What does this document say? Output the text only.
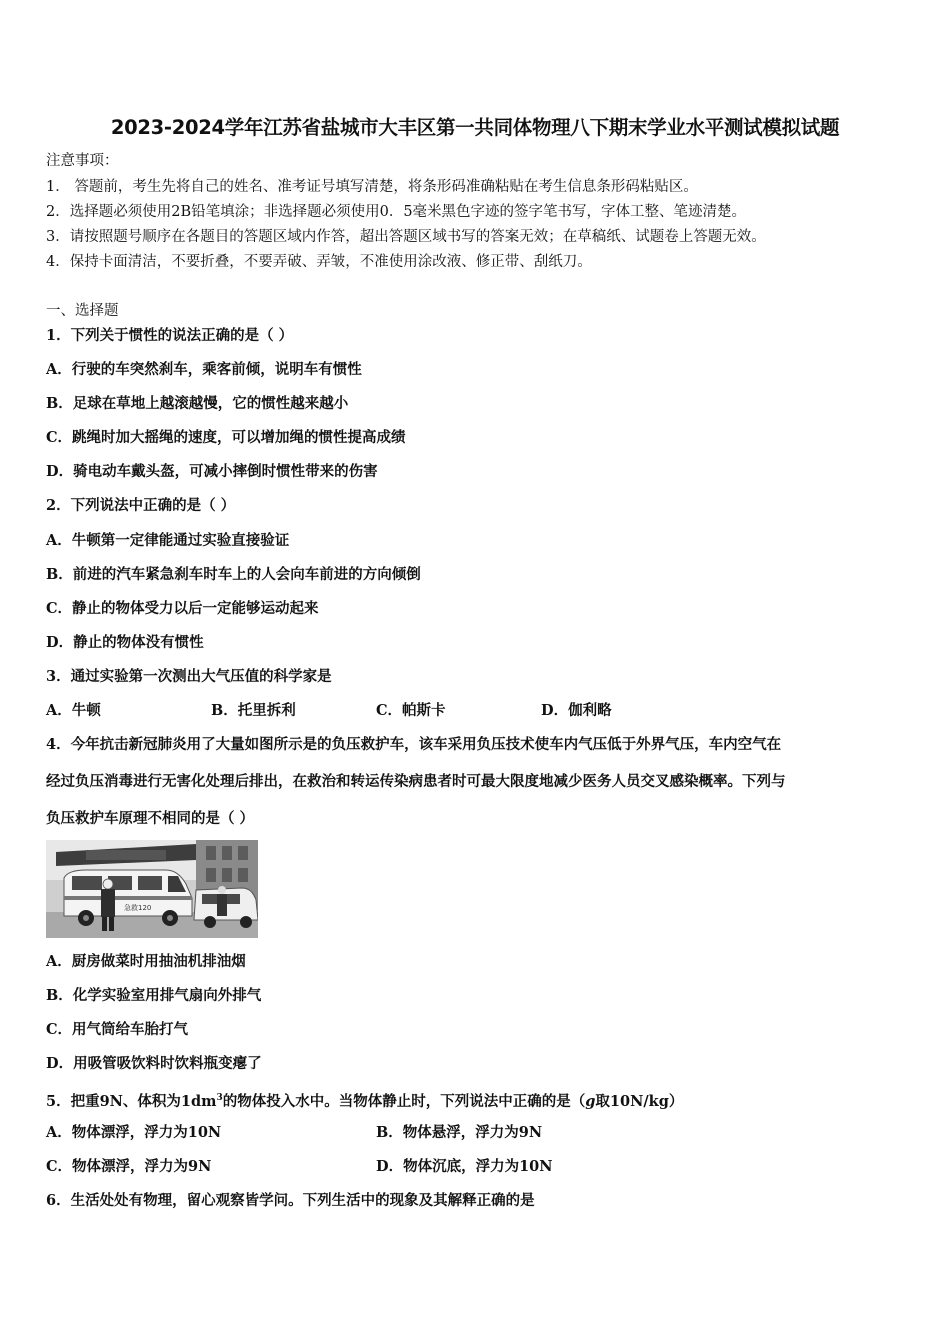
2023-2024学年江苏省盐城市大丰区第一共同体物理八下期末学业水平测试模拟试题
注意事项：
1． 答题前，考生先将自己的姓名、准考证号填写清楚，将条形码准确粘贴在考生信息条形码粘贴区。
2．选择题必须使用2B铅笔填涂；非选择题必须使用0．5毫米黑色字迹的签字笔书写，字体工整、笔迹清楚。
3．请按照题号顺序在各题目的答题区域内作答，超出答题区域书写的答案无效；在草稿纸、试题卷上答题无效。
4．保持卡面清洁，不要折叠，不要弄破、弄皱，不准使用涂改液、修正带、刮纸刀。
一、选择题
1．下列关于惯性的说法正确的是（ ）
A．行驶的车突然刹车，乘客前倾，说明车有惯性
B．足球在草地上越滚越慢，它的惯性越来越小
C．跳绳时加大摇绳的速度，可以增加绳的惯性提高成绩
D．骑电动车戴头盔，可减小摔倒时惯性带来的伤害
2．下列说法中正确的是（ ）
A．牛顿第一定律能通过实验直接验证
B．前进的汽车紧急刹车时车上的人会向车前进的方向倾倒
C．静止的物体受力以后一定能够运动起来
D．静止的物体没有惯性
3．通过实验第一次测出大气压值的科学家是
A．牛顿	B．托里拆利	C．帕斯卡	D．伽利略
4．今年抗击新冠肺炎用了大量如图所示是的负压救护车，该车采用负压技术使车内气压低于外界气压，车内空气在
经过负压消毒进行无害化处理后排出，在救治和转运传染病患者时可最大限度地减少医务人员交叉感染概率。下列与
负压救护车原理不相同的是（ ）
急救120
A．厨房做菜时用抽油机排油烟
B．化学实验室用排气扇向外排气
C．用气筒给车胎打气
D．用吸管吸饮料时饮料瓶变瘪了
5．把重9N、体积为$1dm^3$的物体投入水中。当物体静止时，下列说法中正确的是（g取10N/kg）
A．物体漂浮，浮力为10N	B．物体悬浮，浮力为9N
C．物体漂浮，浮力为9N	D．物体沉底，浮力为10N
6．生活处处有物理，留心观察皆学问。下列生活中的现象及其解释正确的是
